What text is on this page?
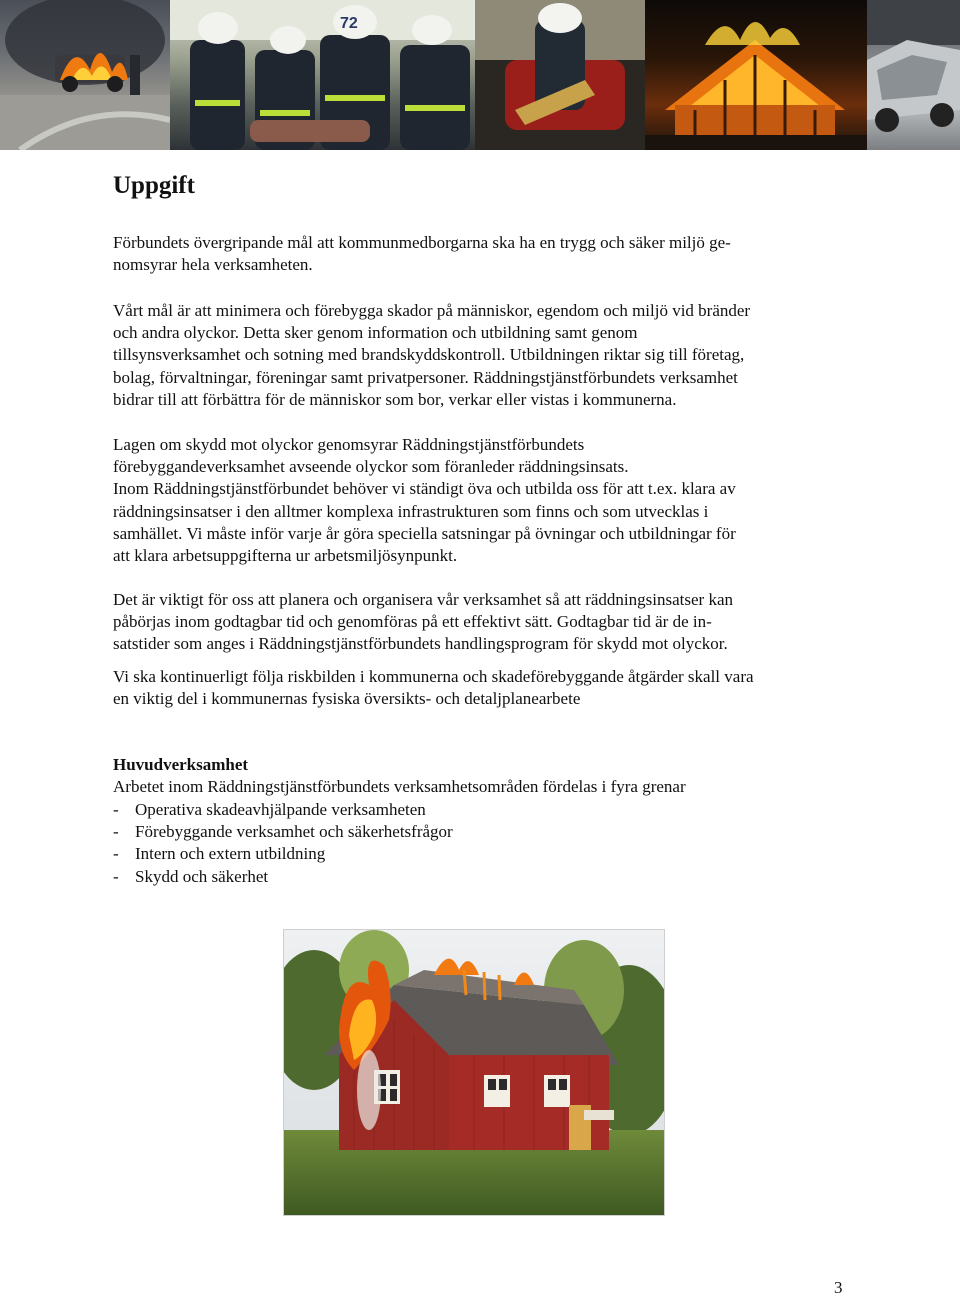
72
Uppgift

Förbundets övergripande mål att kommunmedborgarna ska ha en trygg och säker miljö ge-
nomsyrar hela verksamheten.

Vårt mål är att minimera och förebygga skador på människor, egendom och miljö vid bränder
och andra olyckor. Detta sker genom information och utbildning samt genom
tillsynsverksamhet och sotning med brandskyddskontroll. Utbildningen riktar sig till företag,
bolag, förvaltningar, föreningar samt privatpersoner. Räddningstjänstförbundets verksamhet
bidrar till att förbättra för de människor som bor, verkar eller vistas i kommunerna.

Lagen om skydd mot olyckor genomsyrar Räddningstjänstförbundets
förebyggandeverksamhet avseende olyckor som föranleder räddningsinsats.
Inom Räddningstjänstförbundet behöver vi ständigt öva och utbilda oss för att t.ex. klara av
räddningsinsatser i den alltmer komplexa infrastrukturen som finns och som utvecklas i
samhället. Vi måste inför varje år göra speciella satsningar på övningar och utbildningar för
att klara arbetsuppgifterna ur arbetsmiljösynpunkt.

Det är viktigt för oss att planera och organisera vår verksamhet så att räddningsinsatser kan
påbörjas inom godtagbar tid och genomföras på ett effektivt sätt. Godtagbar tid är de in-
satstider som anges i Räddningstjänstförbundets handlingsprogram för skydd mot olyckor.

Vi ska kontinuerligt följa riskbilden i kommunerna och skadeförebyggande åtgärder skall vara
en viktig del i kommunernas fysiska översikts- och detaljplanearbete

Huvudverksamhet
Arbetet inom Räddningstjänstförbundets verksamhetsområden fördelas i fyra grenar
- Operativa skadeavhjälpande verksamheten
- Förebyggande verksamhet och säkerhetsfrågor
- Intern och extern utbildning
- Skydd och säkerhet
3
